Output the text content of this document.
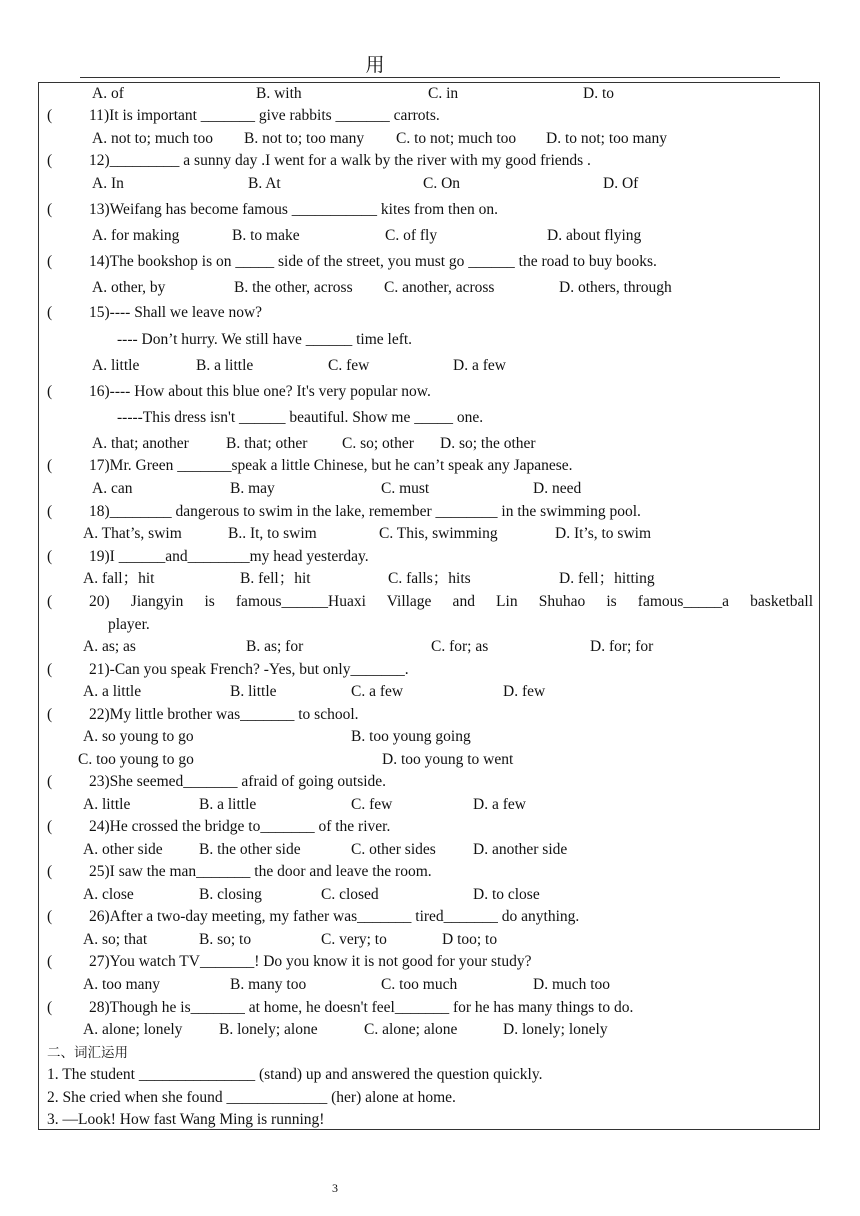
用
A. of	B. with	C. in	D. to
( 11)It is important _______ give rabbits _______ carrots.
A. not to; much too B. not to; too many C. to not; much too D. to not; too many
( 12)_________ a sunny day .I went for a walk by the river with my good friends .
A. In	B. At	C. On	D. Of
( 13)Weifang has become famous ___________ kites from then on.
A. for making	B. to make	C. of fly	D. about flying
( 14)The bookshop is on _____ side of the street, you must go ______ the road to buy books.
A. other, by	B. the other, across C. another, across	D. others, through
( 15)---- Shall we leave now?
---- Don’t hurry. We still have ______ time left.
A. little	B. a little	C. few	D. a few
( 16)---- How about this blue one? It's very popular now.
-----This dress isn't ______ beautiful. Show me _____ one.
A. that; another B. that; other C. so; other D. so; the other
( 17)Mr. Green _______speak a little Chinese, but he can’t speak any Japanese.
A. can	B. may	C. must	D. need
( 18)________ dangerous to swim in the lake, remember ________ in the swimming pool.
A. That’s, swim	B.. It, to swim	C. This, swimming	D. It’s, to swim
( 19)I ______and________my head yesterday.
A. fall；hit	B. fell；hit	C. falls；hits	D. fell；hitting
( 20) Jiangyin is famous______Huaxi Village and Lin Shuhao is famous_____a basketball
player.
A. as; as	B. as; for	C. for; as	D. for; for
( 21)-Can you speak French? -Yes, but only_______.
A. a little	B. little	C. a few	D. few
( 22)My little brother was_______ to school.
A. so young to go	B. too young going
C. too young to go	D. too young to went
( 23)She seemed_______ afraid of going outside.
A. little	B. a little	C. few	D. a few
( 24)He crossed the bridge to_______ of the river.
A. other side B. the other side	C. other sides D. another side
( 25)I saw the man_______ the door and leave the room.
A. close	B. closing	C. closed	D. to close
( 26)After a two-day meeting, my father was_______ tired_______ do anything.
A. so; that	B. so; to	C. very; to	D too; to
( 27)You watch TV_______! Do you know it is not good for your study?
A. too many	B. many too	C. too much	D. much too
( 28)Though he is_______ at home, he doesn't feel_______ for he has many things to do.
A. alone; lonely B. lonely; alone	C. alone; alone	D. lonely; lonely
二、词汇运用
1. The student _______________ (stand) up and answered the question quickly.
2. She cried when she found _____________ (her) alone at home.
3. —Look! How fast Wang Ming is running!
3
